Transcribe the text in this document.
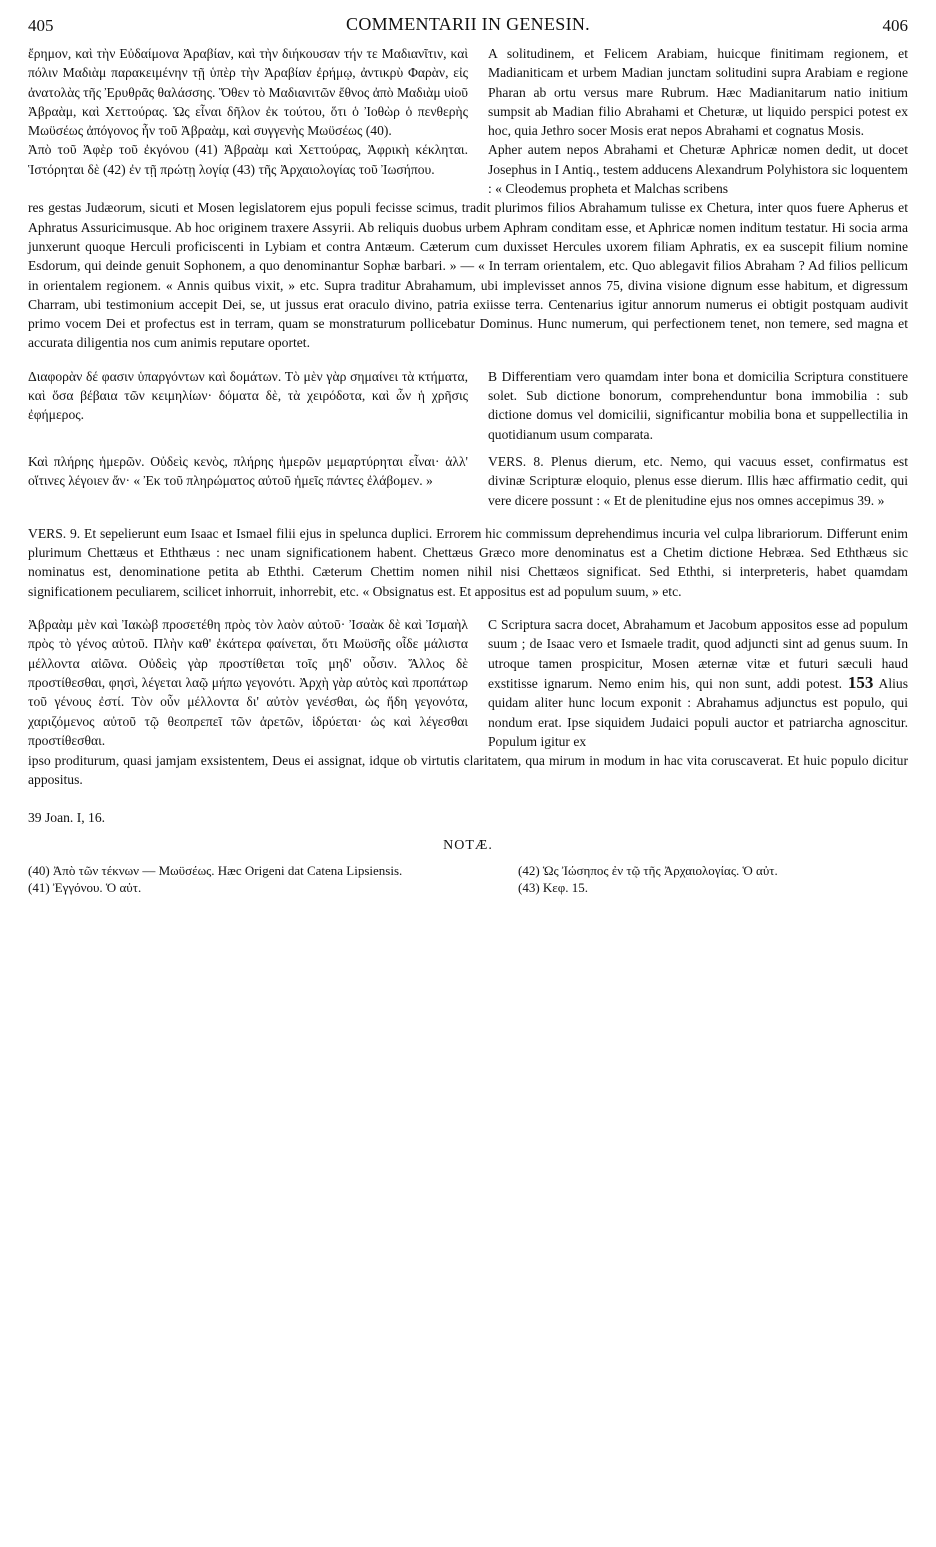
405	COMMENTARII IN GENESIN.	406

ἔρημον, καὶ τὴν Εὐδαίμονα Ἀραβίαν, καὶ τὴν διήκουσαν τήν τε Μαδιανῖτιν, καὶ πόλιν Μαδιὰμ παρακειμένην τῇ ὑπὲρ τὴν Ἀραβίαν ἐρήμῳ, ἀντικρὺ Φαρὰν, εἰς ἀνατολὰς τῆς Ἐρυθρᾶς θαλάσσης. Ὅθεν τὸ Μαδιανιτῶν ἔθνος ἀπὸ Μαδιὰμ υἱοῦ Ἀβραὰμ, καὶ Χεττούρας. Ὡς εἶναι δῆλον ἐκ τούτου, ὅτι ὁ Ἰοθὼρ ὁ πενθερὴς Μωϋσέως ἀπόγονος ἦν τοῦ Ἀβραὰμ, καὶ συγγενὴς Μωϋσέως (40).

A solitudinem, et Felicem Arabiam, huicque finitimam regionem, et Madianiticam et urbem Madian junctam solitudini supra Arabiam e regione Pharan ab ortu versus mare Rubrum. Hæc Madianitarum natio initium sumpsit ab Madian filio Abrahami et Cheturæ, ut liquido perspici potest ex hoc, quia Jethro socer Mosis erat nepos Abrahami et cognatus Mosis.

Ἀπὸ τοῦ Ἀφὲρ τοῦ ἐκγόνου (41) Ἀβραὰμ καὶ Χεττούρας, Ἀφρικὴ κέκληται. Ἱστόρηται δὲ (42) ἐν τῇ πρώτῃ λογίᾳ (43) τῆς Ἀρχαιολογίας τοῦ Ἰωσήπου.

Apher autem nepos Abrahami et Cheturæ Aphricæ nomen dedit, ut docet Josephus in I Antiq., testem adducens Alexandrum Polyhistora sic loquentem : « Cleodemus propheta et Malchas scribens

res gestas Judæorum, sicuti et Mosen legislatorem ejus populi fecisse scimus, tradit plurimos filios Abrahamum tulisse ex Chetura, inter quos fuere Apherus et Aphratus Assuricimusque. Ab hoc originem traxere Assyrii. Ab reliquis duobus urbem Aphram conditam esse, et Aphricæ nomen inditum testatur. Hi socia arma junxerunt quoque Herculi proficiscenti in Lybiam et contra Antæum. Cæterum cum duxisset Hercules uxorem filiam Aphratis, ex ea suscepit filium nomine Esdorum, qui deinde genuit Sophonem, a quo denominantur Sophæ barbari. » — « In terram orientalem, etc. Quo ablegavit filios Abraham ? Ad filios pellicum in orientalem regionem. « Annis quibus vixit, » etc. Supra traditur Abrahamum, ubi implevisset annos 75, divina visione dignum esse habitum, et digressum Charram, ubi testimonium accepit Dei, se, ut jussus erat oraculo divino, patria exiisse terra. Centenarius igitur annorum numerus ei obtigit postquam audivit primo vocem Dei et profectus est in terram, quam se monstraturum pollicebatur Dominus. Hunc numerum, qui perfectionem tenet, non temere, sed magna et accurata diligentia nos cum animis reputare oportet.

Διαφορὰν δέ φασιν ὑπαργόντων καὶ δομάτων. Τὸ μὲν γὰρ σημαίνει τὰ κτήματα, καὶ ὅσα βέβαια τῶν κειμηλίων· δόματα δὲ, τὰ χειρόδοτα, καὶ ὧν ἡ χρῆσις ἐφήμερος.

B Differentiam vero quamdam inter bona et domicilia Scriptura constituere solet. Sub dictione bonorum, comprehenduntur bona immobilia : sub dictione domus vel domicilii, significantur mobilia bona et suppellectilia in quotidianum usum comparata.

Καὶ πλήρης ἡμερῶν. Οὐδεὶς κενὸς, πλήρης ἡμερῶν μεμαρτύρηται εἶναι· ἀλλ' οἵτινες λέγοιεν ἄν· « Ἐκ τοῦ πληρώματος αὐτοῦ ἡμεῖς πάντες ἐλάβομεν. »

VERS. 8. Plenus dierum, etc. Nemo, qui vacuus esset, confirmatus est divinæ Scripturæ eloquio, plenus esse dierum. Illis hæc affirmatio cedit, qui vere dicere possunt : « Et de plenitudine ejus nos omnes accepimus 39. »

VERS. 9. Et sepelierunt eum Isaac et Ismael filii ejus in speluncа duplici. Errorem hic commissum deprehendimus incuria vel culpa librariorum. Differunt enim plurimum Chettæus et Eththæus : nec unam significationem habent. Chettæus Græco more denominatus est a Chetim dictione Hebræa. Sed Eththæus sic nominatus est, denominatione petita ab Eththi. Cæterum Chettim nomen nihil nisi Chettæos significat. Sed Eththi, si interpreteris, habet quamdam significationem peculiarem, scilicet inhorruit, inhorrebit, etc. « Obsignatus est. Et appositus est ad populum suum, » etc.

Ἀβραὰμ μὲν καὶ Ἰακὼβ προσετέθη πρὸς τὸν λαὸν αὐτοῦ· Ἰσαὰκ δὲ καὶ Ἰσμαὴλ πρὸς τὸ γένος αὐτοῦ. Πλὴν καθ' ἑκάτερα φαίνεται, ὅτι Μωϋσῆς οἶδε μάλιστα μέλλοντα αἰῶνα. Οὐδεὶς γὰρ προστίθεται τοῖς μηδ' οὖσιν. Ἄλλος δὲ προστίθεσθαι, φησὶ, λέγεται λαῷ μήπω γεγονότι. Ἀρχὴ γὰρ αὐτὸς καὶ προπάτωρ τοῦ γένους ἐστί. Τὸν οὖν μέλλοντα δι' αὐτὸν γενέσθαι, ὡς ἤδη γεγονότα, χαριζόμενος αὐτοῦ τῷ θεοπρεπεῖ τῶν ἀρετῶν, ἱδρύεται· ὡς καὶ λέγεσθαι προστίθεσθαι.

C Scriptura sacra docet, Abrahamum et Jacobum appositos esse ad populum suum ; de Isaac vero et Ismaele tradit, quod adjuncti sint ad genus suum. In utroque tamen prospicitur, Mosen æternæ vitæ et futuri sæculi haud exstitisse ignarum. Nemo enim his, qui non sunt, addi potest. 153 Alius quidam aliter hunc locum exponit : Abrahamus adjunctus est populo, qui nondum erat. Ipse siquidem Judaici populi auctor et patriarcha agnoscitur. Populum igitur ex

ipso proditurum, quasi jamjam exsistentem, Deus ei assignat, idque ob virtutis claritatem, qua mirum in modum in hac vita coruscaverat. Et huic populo dicitur appositus.

39 Joan. I, 16.
NOTÆ.
(40) Ἀπὸ τῶν τέκνων — Μωϋσέως. Hæc Origeni dat Catena Lipsiensis.
(41) Ἐγγόνου. Ὁ αὐτ.
(42) Ὡς Ἰώσηπος ἐν τῷ τῆς Ἀρχαιολογίας. Ὁ αὐτ.
(43) Κεφ. 15.
